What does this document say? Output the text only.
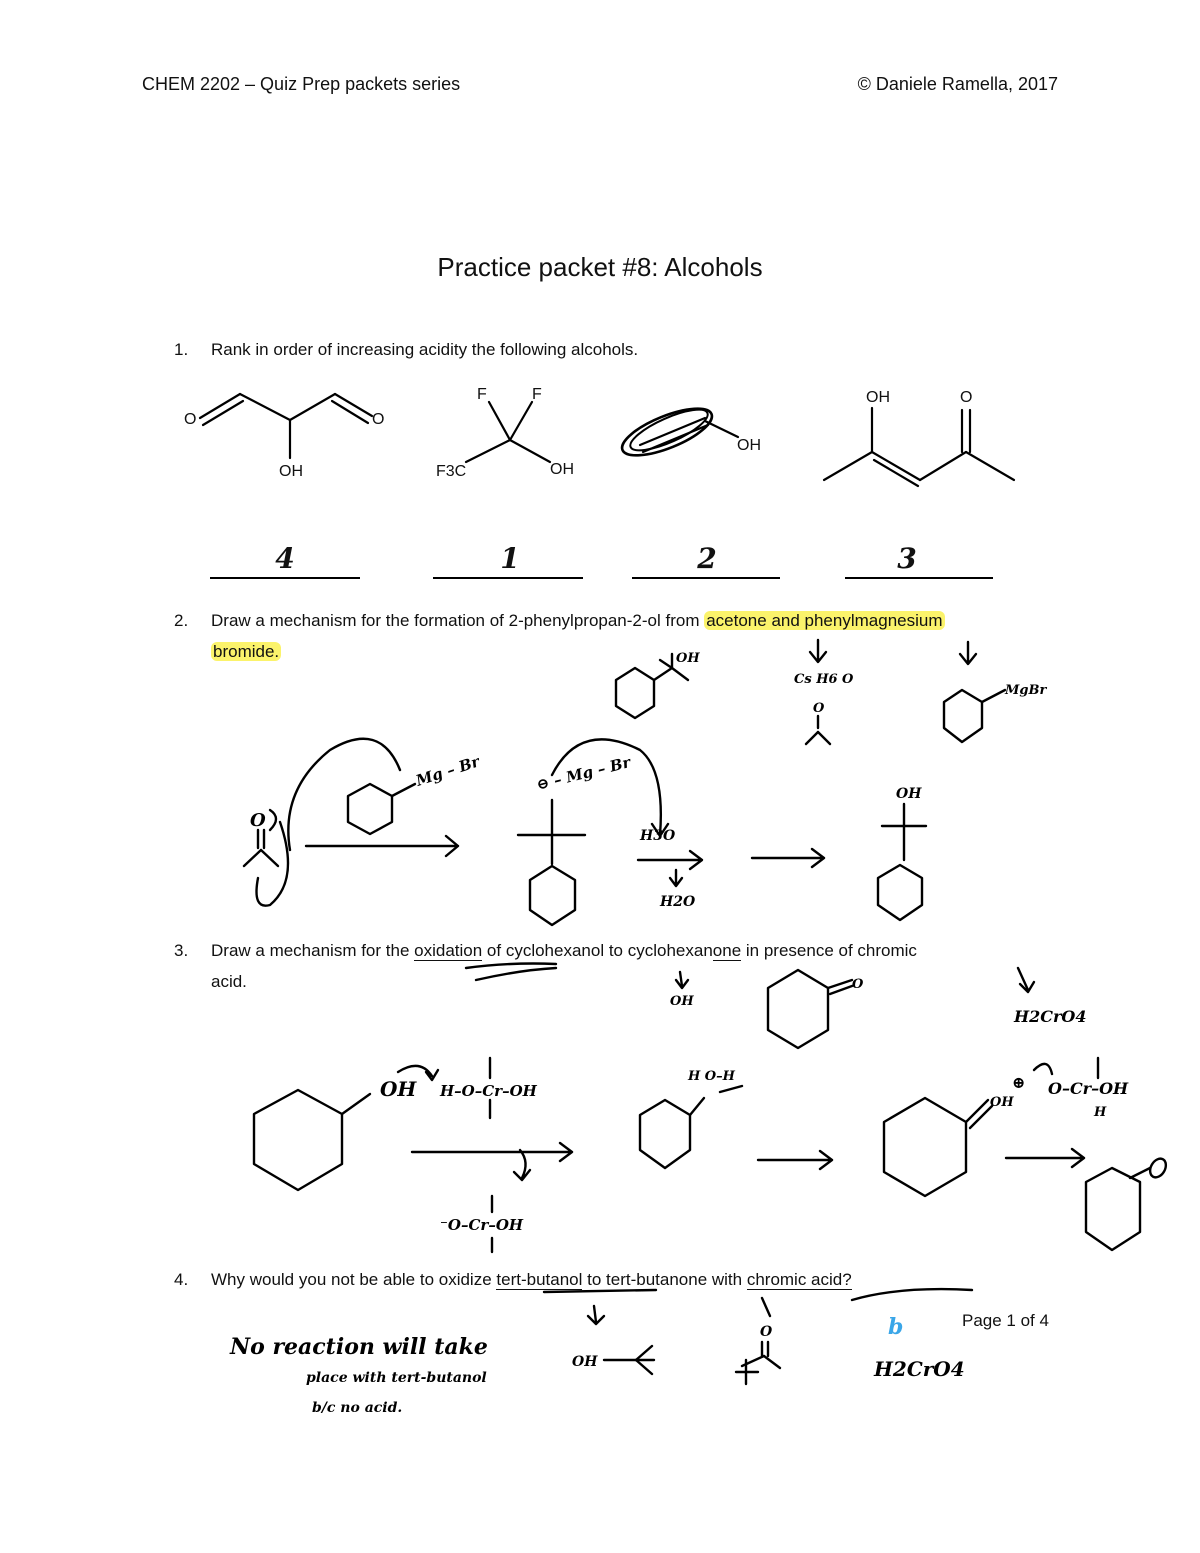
CHEM 2202 – Quiz Prep packets series	© Daniele Ramella, 2017
Practice packet #8: Alcohols
1. Rank in order of increasing acidity the following alcohols.
2. Draw a mechanism for the formation of 2-phenylpropan-2-ol from acetone and phenylmagnesium
bromide.
3. Draw a mechanism for the oxidation of cyclohexanol to cyclohexanone in presence of chromic
acid.
4. Why would you not be able to oxidize tert-butanol to tert-butanone with chromic acid?
4	1	2	3
Page 1 of 4
O	O
OH
F	F
F3C	OH
OH
OH	O
OH
Cs H6 O
O
MgBr
O
Mg – Br	⊖ – Mg – Br
H3O
H2O
OH
OH
O
H2CrO4
OH H–O–Cr–OH
⁻O–Cr–OH
H O–H
OH
⊕ O–Cr–OH
H
No reaction will take
place with tert-butanol
b/c no acid.
OH
O	b
H2CrO4
